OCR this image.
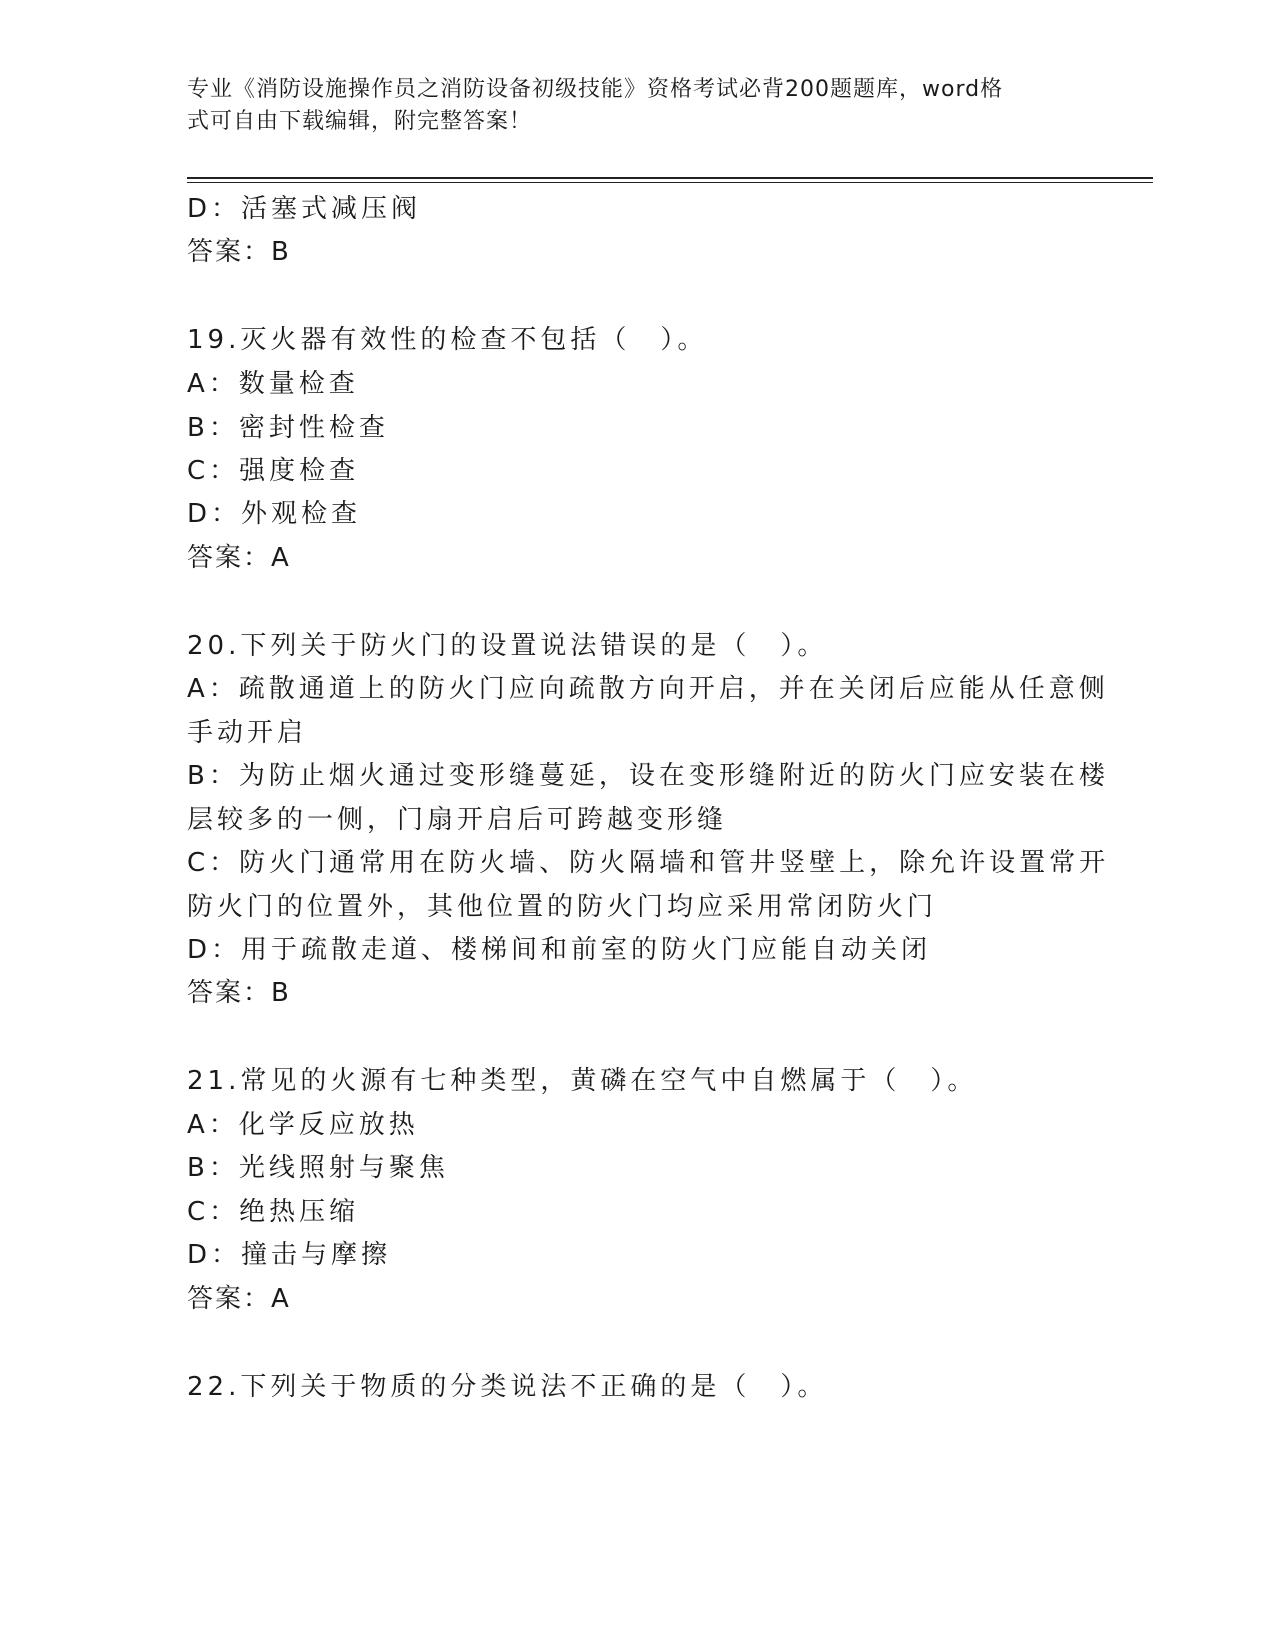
专业《消防设施操作员之消防设备初级技能》资格考试必背200题题库，word格
式可自由下载编辑，附完整答案！
D：活塞式减压阀
答案：B
19.灭火器有效性的检查不包括（　）。
A：数量检查
B：密封性检查
C：强度检查
D：外观检查
答案：A
20.下列关于防火门的设置说法错误的是（　）。
A：疏散通道上的防火门应向疏散方向开启，并在关闭后应能从任意侧
手动开启
B：为防止烟火通过变形缝蔓延，设在变形缝附近的防火门应安装在楼
层较多的一侧，门扇开启后可跨越变形缝
C：防火门通常用在防火墙、防火隔墙和管井竖壁上，除允许设置常开
防火门的位置外，其他位置的防火门均应采用常闭防火门
D：用于疏散走道、楼梯间和前室的防火门应能自动关闭
答案：B
21.常见的火源有七种类型，黄磷在空气中自燃属于（　）。
A：化学反应放热
B：光线照射与聚焦
C：绝热压缩
D：撞击与摩擦
答案：A
22.下列关于物质的分类说法不正确的是（　）。
